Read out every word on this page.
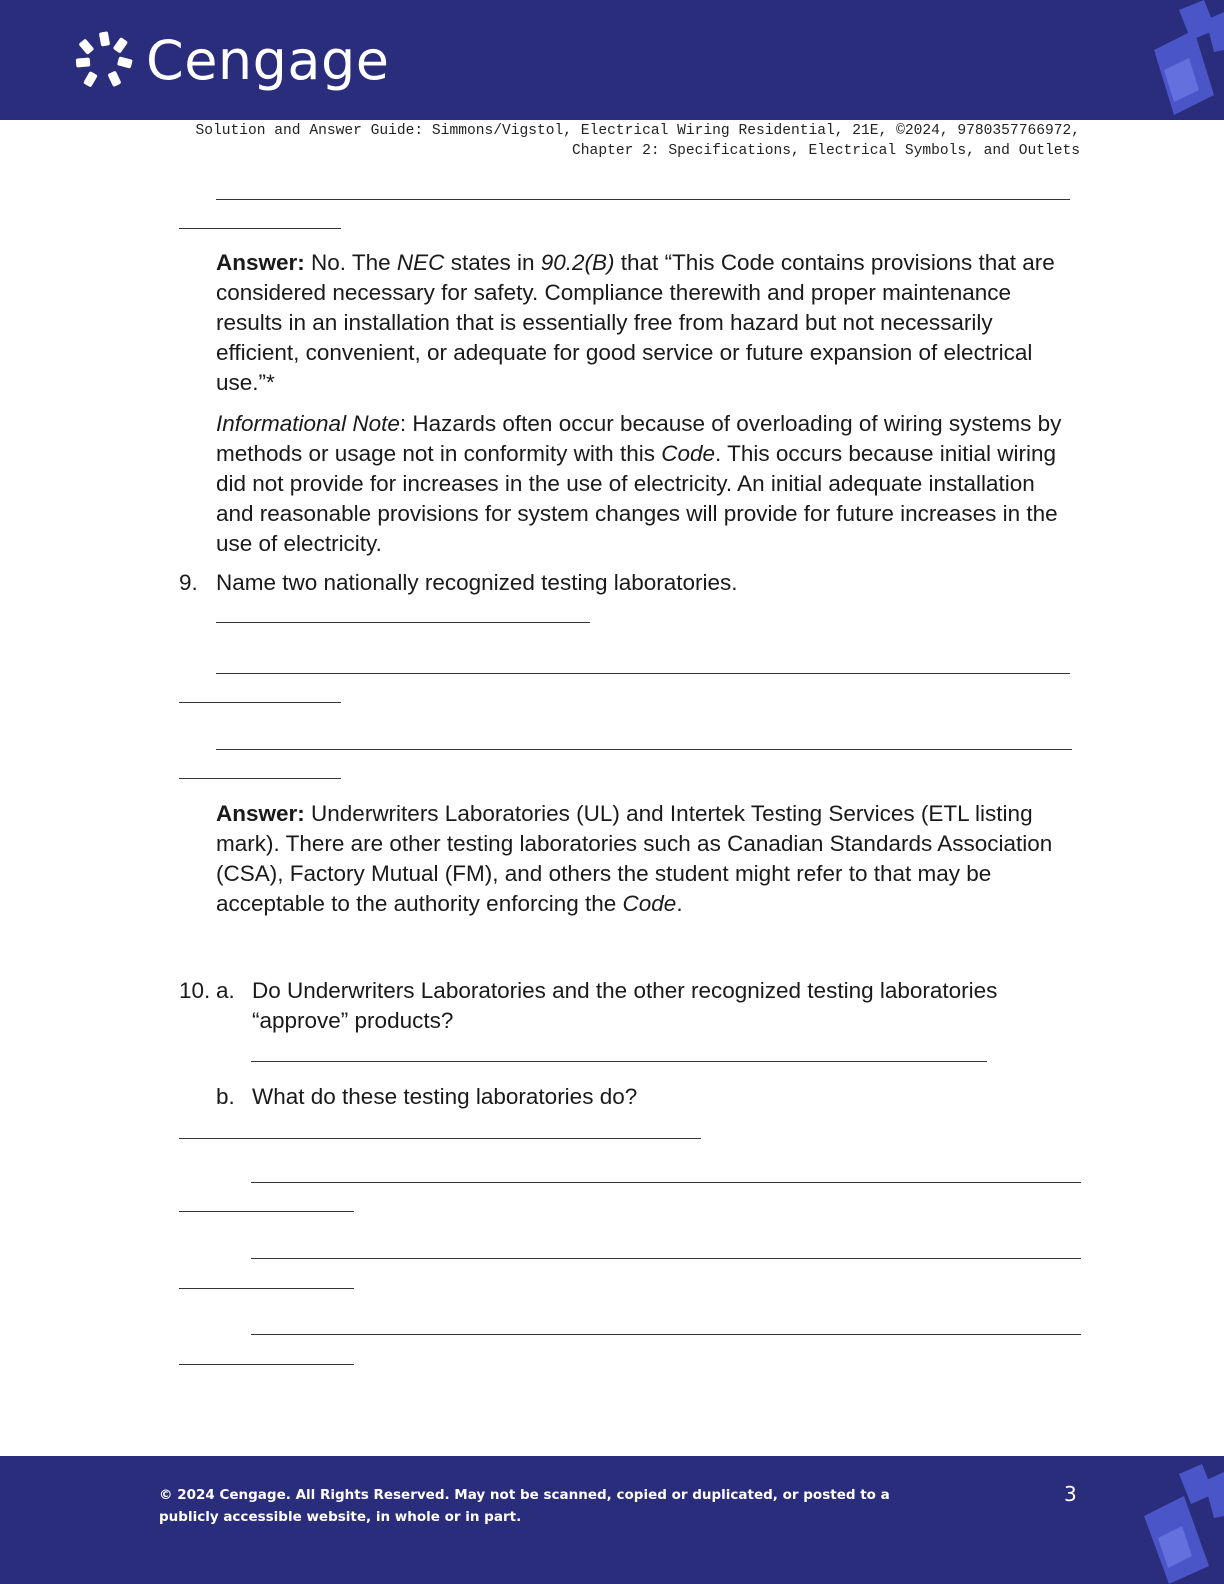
Cengage
Solution and Answer Guide: Simmons/Vigstol, Electrical Wiring Residential, 21E, ©2024, 9780357766972,
Chapter 2: Specifications, Electrical Symbols, and Outlets
Answer: No. The NEC states in 90.2(B) that “This Code contains provisions that are considered necessary for safety. Compliance therewith and proper maintenance results in an installation that is essentially free from hazard but not necessarily efficient, convenient, or adequate for good service or future expansion of electrical use.”*
Informational Note: Hazards often occur because of overloading of wiring systems by methods or usage not in conformity with this Code. This occurs because initial wiring did not provide for increases in the use of electricity. An initial adequate installation and reasonable provisions for system changes will provide for future increases in the use of electricity.
9. Name two nationally recognized testing laboratories.
Answer: Underwriters Laboratories (UL) and Intertek Testing Services (ETL listing mark). There are other testing laboratories such as Canadian Standards Association (CSA), Factory Mutual (FM), and others the student might refer to that may be acceptable to the authority enforcing the Code.
10. a. Do Underwriters Laboratories and the other recognized testing laboratories
“approve” products?
b. What do these testing laboratories do?
© 2024 Cengage. All Rights Reserved. May not be scanned, copied or duplicated, or posted to a publicly accessible website, in whole or in part.
3
